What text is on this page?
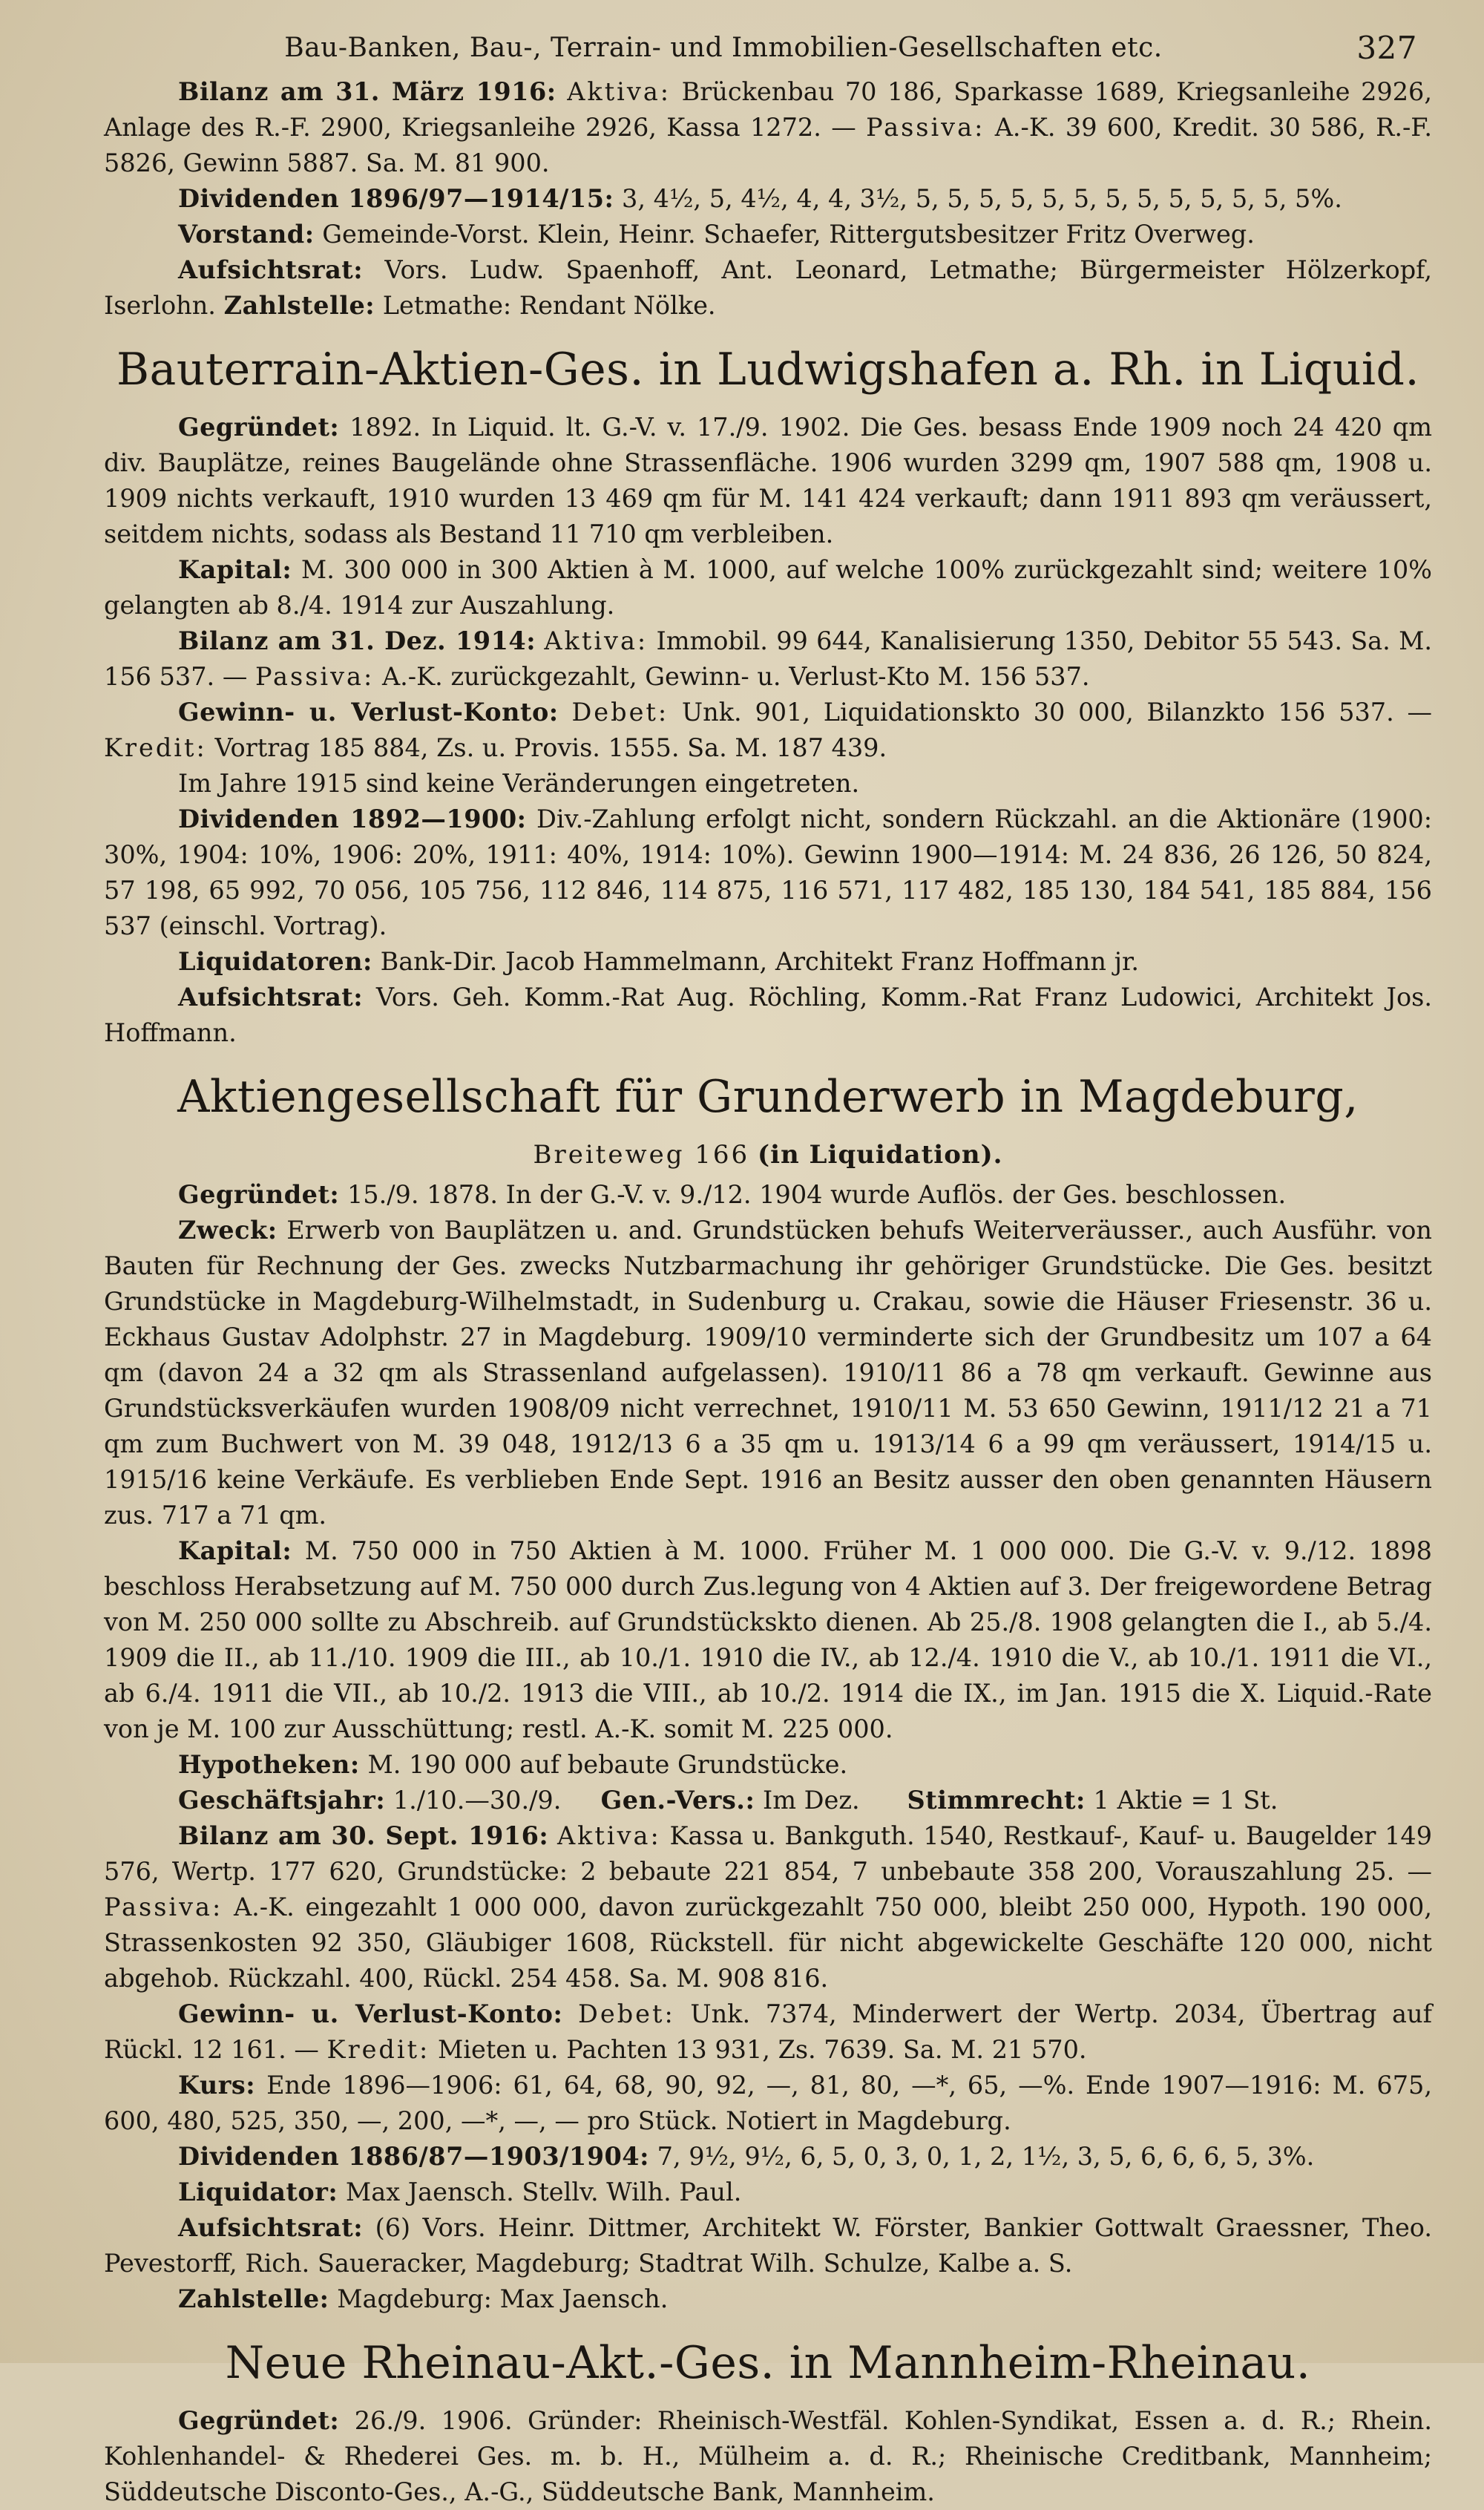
Bau-Banken, Bau-, Terrain- und Immobilien-Gesellschaften etc.	327

Bilanz am 31. März 1916: Aktiva: Brückenbau 70 186, Sparkasse 1689, Kriegsanleihe 2926, Anlage des R.-F. 2900, Kriegsanleihe 2926, Kassa 1272. — Passiva: A.-K. 39 600, Kredit. 30 586, R.-F. 5826, Gewinn 5887. Sa. M. 81 900.

Dividenden 1896/97—1914/15: 3, 4½, 5, 4½, 4, 4, 3½, 5, 5, 5, 5, 5, 5, 5, 5, 5, 5, 5, 5, 5%.

Vorstand: Gemeinde-Vorst. Klein, Heinr. Schaefer, Rittergutsbesitzer Fritz Overweg.

Aufsichtsrat: Vors. Ludw. Spaenhoff, Ant. Leonard, Letmathe; Bürgermeister Hölzerkopf, Iserlohn. Zahlstelle: Letmathe: Rendant Nölke.

Bauterrain-Aktien-Ges. in Ludwigshafen a. Rh. in Liquid.

Gegründet: 1892. In Liquid. lt. G.-V. v. 17./9. 1902. Die Ges. besass Ende 1909 noch 24 420 qm div. Bauplätze, reines Baugelände ohne Strassenfläche. 1906 wurden 3299 qm, 1907 588 qm, 1908 u. 1909 nichts verkauft, 1910 wurden 13 469 qm für M. 141 424 verkauft; dann 1911 893 qm veräussert, seitdem nichts, sodass als Bestand 11 710 qm verbleiben.

Kapital: M. 300 000 in 300 Aktien à M. 1000, auf welche 100% zurückgezahlt sind; weitere 10% gelangten ab 8./4. 1914 zur Auszahlung.

Bilanz am 31. Dez. 1914: Aktiva: Immobil. 99 644, Kanalisierung 1350, Debitor 55 543. Sa. M. 156 537. — Passiva: A.-K. zurückgezahlt, Gewinn- u. Verlust-Kto M. 156 537.

Gewinn- u. Verlust-Konto: Debet: Unk. 901, Liquidationskto 30 000, Bilanzkto 156 537. — Kredit: Vortrag 185 884, Zs. u. Provis. 1555. Sa. M. 187 439.

Im Jahre 1915 sind keine Veränderungen eingetreten.

Dividenden 1892—1900: Div.-Zahlung erfolgt nicht, sondern Rückzahl. an die Aktionäre (1900: 30%, 1904: 10%, 1906: 20%, 1911: 40%, 1914: 10%). Gewinn 1900—1914: M. 24 836, 26 126, 50 824, 57 198, 65 992, 70 056, 105 756, 112 846, 114 875, 116 571, 117 482, 185 130, 184 541, 185 884, 156 537 (einschl. Vortrag).

Liquidatoren: Bank-Dir. Jacob Hammelmann, Architekt Franz Hoffmann jr.

Aufsichtsrat: Vors. Geh. Komm.-Rat Aug. Röchling, Komm.-Rat Franz Ludowici, Architekt Jos. Hoffmann.

Aktiengesellschaft für Grunderwerb in Magdeburg,
Breiteweg 166 (in Liquidation).

Gegründet: 15./9. 1878. In der G.-V. v. 9./12. 1904 wurde Auflös. der Ges. beschlossen.

Zweck: Erwerb von Bauplätzen u. and. Grundstücken behufs Weiterveräusser., auch Ausführ. von Bauten für Rechnung der Ges. zwecks Nutzbarmachung ihr gehöriger Grundstücke. Die Ges. besitzt Grundstücke in Magdeburg-Wilhelmstadt, in Sudenburg u. Crakau, sowie die Häuser Friesenstr. 36 u. Eckhaus Gustav Adolphstr. 27 in Magdeburg. 1909/10 verminderte sich der Grundbesitz um 107 a 64 qm (davon 24 a 32 qm als Strassenland aufgelassen). 1910/11 86 a 78 qm verkauft. Gewinne aus Grundstücksverkäufen wurden 1908/09 nicht verrechnet, 1910/11 M. 53 650 Gewinn, 1911/12 21 a 71 qm zum Buchwert von M. 39 048, 1912/13 6 a 35 qm u. 1913/14 6 a 99 qm veräussert, 1914/15 u. 1915/16 keine Verkäufe. Es verblieben Ende Sept. 1916 an Besitz ausser den oben genannten Häusern zus. 717 a 71 qm.

Kapital: M. 750 000 in 750 Aktien à M. 1000. Früher M. 1 000 000. Die G.-V. v. 9./12. 1898 beschloss Herabsetzung auf M. 750 000 durch Zus.legung von 4 Aktien auf 3. Der freigewordene Betrag von M. 250 000 sollte zu Abschreib. auf Grundstückskto dienen. Ab 25./8. 1908 gelangten die I., ab 5./4. 1909 die II., ab 11./10. 1909 die III., ab 10./1. 1910 die IV., ab 12./4. 1910 die V., ab 10./1. 1911 die VI., ab 6./4. 1911 die VII., ab 10./2. 1913 die VIII., ab 10./2. 1914 die IX., im Jan. 1915 die X. Liquid.-Rate von je M. 100 zur Ausschüttung; restl. A.-K. somit M. 225 000.

Hypotheken: M. 190 000 auf bebaute Grundstücke.

Geschäftsjahr: 1./10.—30./9. Gen.-Vers.: Im Dez. Stimmrecht: 1 Aktie = 1 St.

Bilanz am 30. Sept. 1916: Aktiva: Kassa u. Bankguth. 1540, Restkauf-, Kauf- u. Baugelder 149 576, Wertp. 177 620, Grundstücke: 2 bebaute 221 854, 7 unbebaute 358 200, Vorauszahlung 25. — Passiva: A.-K. eingezahlt 1 000 000, davon zurückgezahlt 750 000, bleibt 250 000, Hypoth. 190 000, Strassenkosten 92 350, Gläubiger 1608, Rückstell. für nicht abgewickelte Geschäfte 120 000, nicht abgehob. Rückzahl. 400, Rückl. 254 458. Sa. M. 908 816.

Gewinn- u. Verlust-Konto: Debet: Unk. 7374, Minderwert der Wertp. 2034, Übertrag auf Rückl. 12 161. — Kredit: Mieten u. Pachten 13 931, Zs. 7639. Sa. M. 21 570.

Kurs: Ende 1896—1906: 61, 64, 68, 90, 92, —, 81, 80, —*, 65, —%. Ende 1907—1916: M. 675, 600, 480, 525, 350, —, 200, —*, —, — pro Stück. Notiert in Magdeburg.

Dividenden 1886/87—1903/1904: 7, 9½, 9½, 6, 5, 0, 3, 0, 1, 2, 1½, 3, 5, 6, 6, 6, 5, 3%.

Liquidator: Max Jaensch. Stellv. Wilh. Paul.

Aufsichtsrat: (6) Vors. Heinr. Dittmer, Architekt W. Förster, Bankier Gottwalt Graessner, Theo. Pevestorff, Rich. Saueracker, Magdeburg; Stadtrat Wilh. Schulze, Kalbe a. S.

Zahlstelle: Magdeburg: Max Jaensch.

Neue Rheinau-Akt.-Ges. in Mannheim-Rheinau.

Gegründet: 26./9. 1906. Gründer: Rheinisch-Westfäl. Kohlen-Syndikat, Essen a. d. R.; Rhein. Kohlenhandel- & Rhederei Ges. m. b. H., Mülheim a. d. R.; Rheinische Creditbank, Mannheim; Süddeutsche Disconto-Ges., A.-G., Süddeutsche Bank, Mannheim.
